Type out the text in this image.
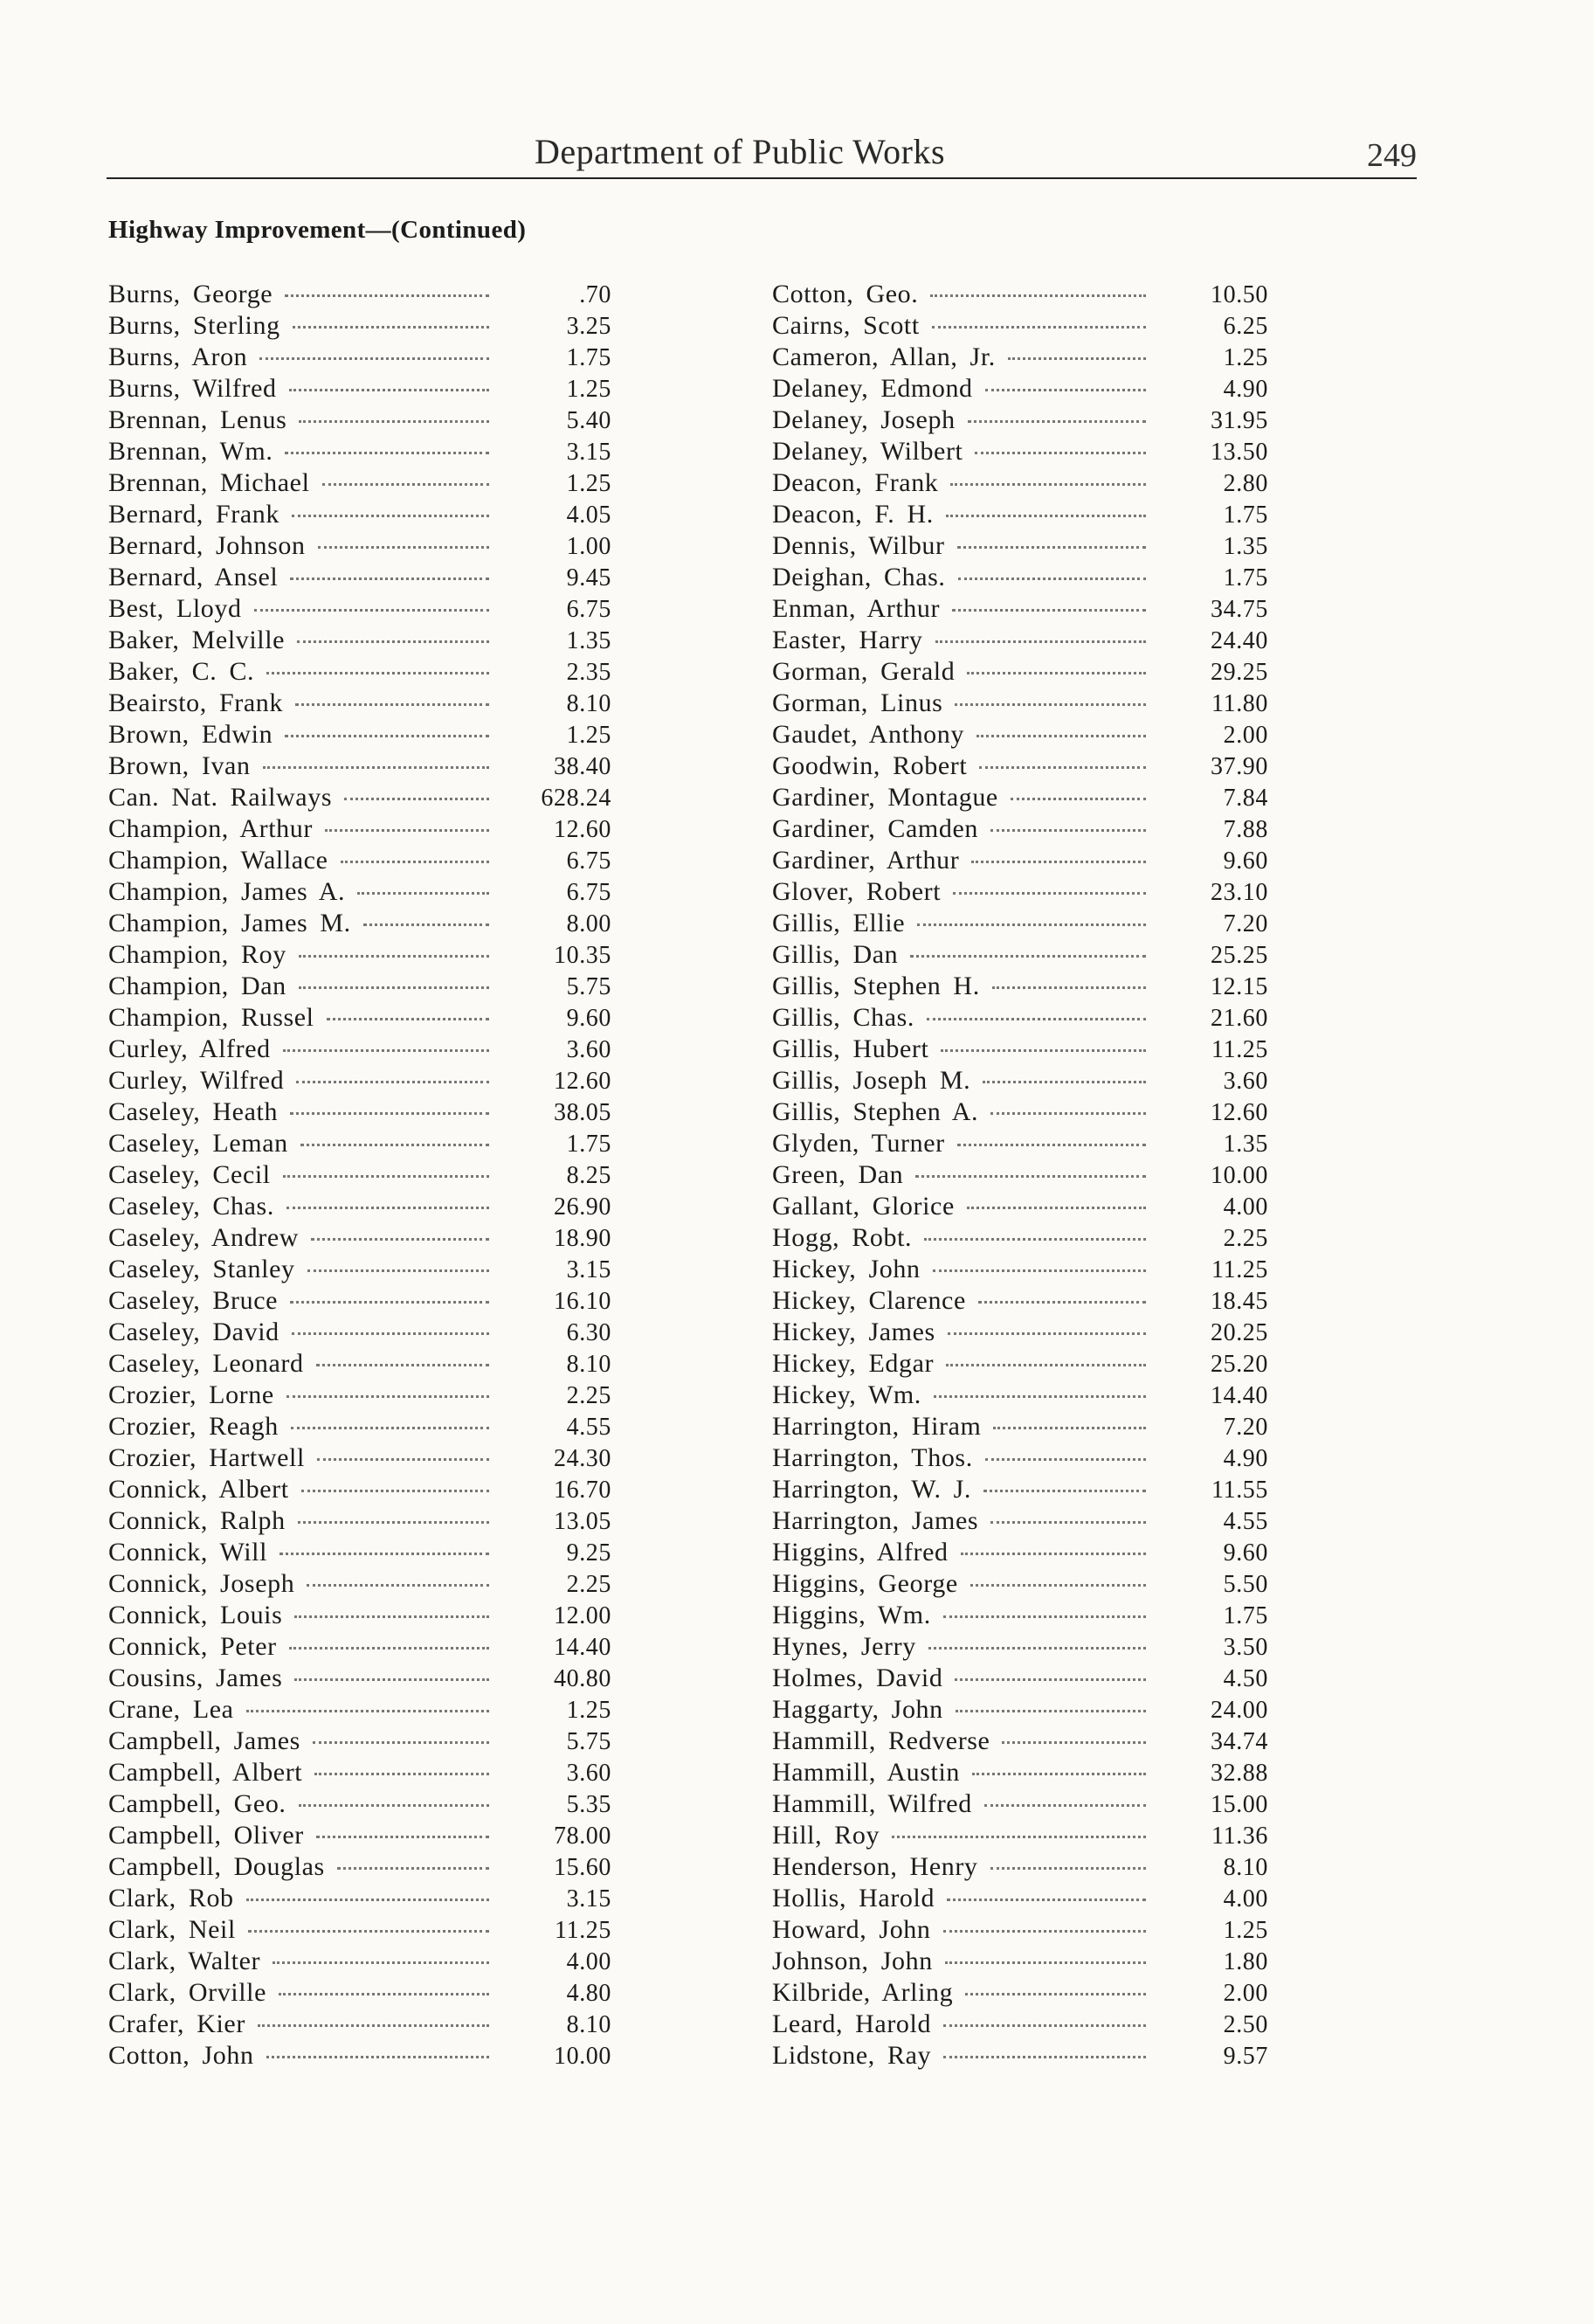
Department of Public Works	249
Highway Improvement—(Continued)
Burns, George	.70
Burns, Sterling	3.25
Burns, Aron	1.75
Burns, Wilfred	1.25
Brennan, Lenus	5.40
Brennan, Wm.	3.15
Brennan, Michael	1.25
Bernard, Frank	4.05
Bernard, Johnson	1.00
Bernard, Ansel	9.45
Best, Lloyd	6.75
Baker, Melville	1.35
Baker, C. C.	2.35
Beairsto, Frank	8.10
Brown, Edwin	1.25
Brown, Ivan	38.40
Can. Nat. Railways	628.24
Champion, Arthur	12.60
Champion, Wallace	6.75
Champion, James A.	6.75
Champion, James M.	8.00
Champion, Roy	10.35
Champion, Dan	5.75
Champion, Russel	9.60
Curley, Alfred	3.60
Curley, Wilfred	12.60
Caseley, Heath	38.05
Caseley, Leman	1.75
Caseley, Cecil	8.25
Caseley, Chas.	26.90
Caseley, Andrew	18.90
Caseley, Stanley	3.15
Caseley, Bruce	16.10
Caseley, David	6.30
Caseley, Leonard	8.10
Crozier, Lorne	2.25
Crozier, Reagh	4.55
Crozier, Hartwell	24.30
Connick, Albert	16.70
Connick, Ralph	13.05
Connick, Will	9.25
Connick, Joseph	2.25
Connick, Louis	12.00
Connick, Peter	14.40
Cousins, James	40.80
Crane, Lea	1.25
Campbell, James	5.75
Campbell, Albert	3.60
Campbell, Geo.	5.35
Campbell, Oliver	78.00
Campbell, Douglas	15.60
Clark, Rob	3.15
Clark, Neil	11.25
Clark, Walter	4.00
Clark, Orville	4.80
Crafer, Kier	8.10
Cotton, John	10.00
Cotton, Geo.	10.50
Cairns, Scott	6.25
Cameron, Allan, Jr.	1.25
Delaney, Edmond	4.90
Delaney, Joseph	31.95
Delaney, Wilbert	13.50
Deacon, Frank	2.80
Deacon, F. H.	1.75
Dennis, Wilbur	1.35
Deighan, Chas.	1.75
Enman, Arthur	34.75
Easter, Harry	24.40
Gorman, Gerald	29.25
Gorman, Linus	11.80
Gaudet, Anthony	2.00
Goodwin, Robert	37.90
Gardiner, Montague	7.84
Gardiner, Camden	7.88
Gardiner, Arthur	9.60
Glover, Robert	23.10
Gillis, Ellie	7.20
Gillis, Dan	25.25
Gillis, Stephen H.	12.15
Gillis, Chas.	21.60
Gillis, Hubert	11.25
Gillis, Joseph M.	3.60
Gillis, Stephen A.	12.60
Glyden, Turner	1.35
Green, Dan	10.00
Gallant, Glorice	4.00
Hogg, Robt.	2.25
Hickey, John	11.25
Hickey, Clarence	18.45
Hickey, James	20.25
Hickey, Edgar	25.20
Hickey, Wm.	14.40
Harrington, Hiram	7.20
Harrington, Thos.	4.90
Harrington, W. J.	11.55
Harrington, James	4.55
Higgins, Alfred	9.60
Higgins, George	5.50
Higgins, Wm.	1.75
Hynes, Jerry	3.50
Holmes, David	4.50
Haggarty, John	24.00
Hammill, Redverse	34.74
Hammill, Austin	32.88
Hammill, Wilfred	15.00
Hill, Roy	11.36
Henderson, Henry	8.10
Hollis, Harold	4.00
Howard, John	1.25
Johnson, John	1.80
Kilbride, Arling	2.00
Leard, Harold	2.50
Lidstone, Ray	9.57
